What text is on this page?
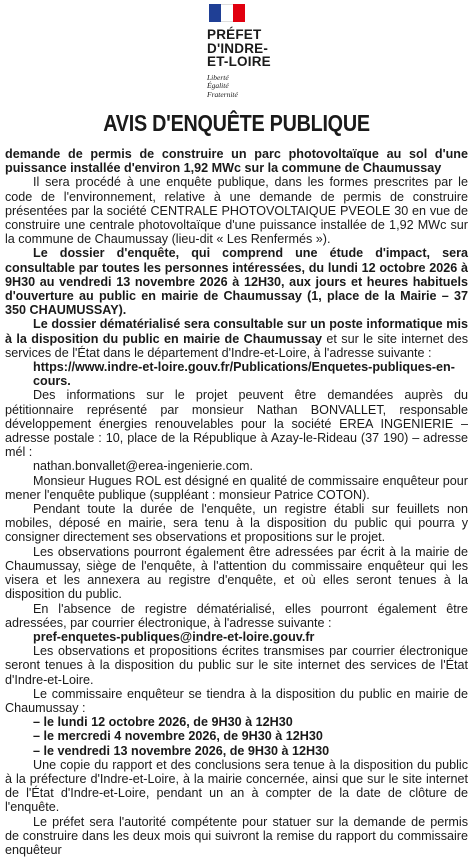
PRÉFET
D'INDRE-
ET-LOIRE
Liberté
Égalité
Fraternité
AVIS D'ENQUÊTE PUBLIQUE

demande de permis de construire un parc photovoltaïque au sol d'une puissance installée d'environ 1,92 MWc sur la commune de Chaumussay

Il sera procédé à une enquête publique, dans les formes prescrites par le code de l'environnement, relative à une demande de permis de construire présentées par la société CENTRALE PHOTOVOLTAIQUE PVEOLE 30 en vue de construire une centrale photovoltaïque d'une puissance installée de 1,92 MWc sur la commune de Chaumussay (lieu-dit « Les Renfermés »).

Le dossier d'enquête, qui comprend une étude d'impact, sera consultable par toutes les personnes intéressées, du lundi 12 octobre 2026 à 9H30 au vendredi 13 novembre 2026 à 12H30, aux jours et heures habituels d'ouverture au public en mairie de Chaumussay (1, place de la Mairie – 37 350 CHAUMUSSAY).

Le dossier dématérialisé sera consultable sur un poste informatique mis à la disposition du public en mairie de Chaumussay et sur le site internet des services de l'État dans le département d'Indre-et-Loire, à l'adresse suivante :

https://www.indre-et-loire.gouv.fr/Publications/Enquetes-publiques-en-cours.

Des informations sur le projet peuvent être demandées auprès du pétitionnaire représenté par monsieur Nathan BONVALLET, responsable développement énergies renouvelables pour la société EREA INGENIERIE – adresse postale : 10, place de la République à Azay-le-Rideau (37 190) – adresse mél :

nathan.bonvallet@erea-ingenierie.com.

Monsieur Hugues ROL est désigné en qualité de commissaire enquêteur pour mener l'enquête publique (suppléant : monsieur Patrice COTON).

Pendant toute la durée de l'enquête, un registre établi sur feuillets non mobiles, déposé en mairie, sera tenu à la disposition du public qui pourra y consigner directement ses observations et propositions sur le projet.

Les observations pourront également être adressées par écrit à la mairie de Chaumussay, siège de l'enquête, à l'attention du commissaire enquêteur qui les visera et les annexera au registre d'enquête, et où elles seront tenues à la disposition du public.

En l'absence de registre dématérialisé, elles pourront également être adressées, par courrier électronique, à l'adresse suivante :

pref-enquetes-publiques@indre-et-loire.gouv.fr

Les observations et propositions écrites transmises par courrier électronique seront tenues à la disposition du public sur le site internet des services de l'État d'Indre-et-Loire.

Le commissaire enquêteur se tiendra à la disposition du public en mairie de Chaumussay :

– le lundi 12 octobre 2026, de 9H30 à 12H30
– le mercredi 4 novembre 2026, de 9H30 à 12H30
– le vendredi 13 novembre 2026, de 9H30 à 12H30

Une copie du rapport et des conclusions sera tenue à la disposition du public à la préfecture d'Indre-et-Loire, à la mairie concernée, ainsi que sur le site internet de l'État d'Indre-et-Loire, pendant un an à compter de la date de clôture de l'enquête.

Le préfet sera l'autorité compétente pour statuer sur la demande de permis de construire dans les deux mois qui suivront la remise du rapport du commissaire enquêteur
